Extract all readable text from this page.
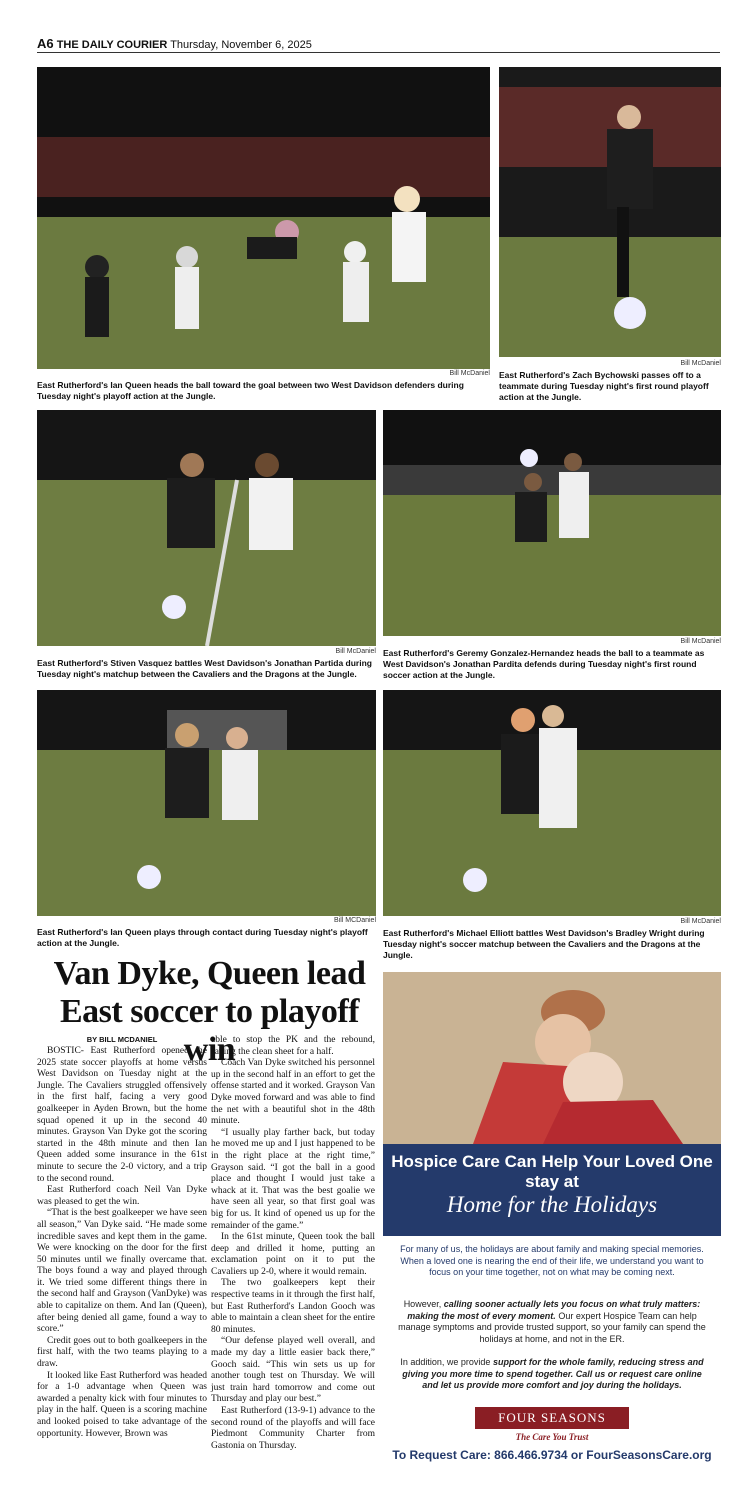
A6 THE DAILY COURIER Thursday, November 6, 2025
Bill McDaniel
East Rutherford's Ian Queen heads the ball toward the goal between two West Davidson defenders during Tuesday night's playoff action at the Jungle.
Bill McDaniel
East Rutherford's Zach Bychowski passes off to a teammate during Tuesday night's first round playoff action at the Jungle.
Bill McDaniel
East Rutherford's Stiven Vasquez battles West Davidson's Jonathan Partida during Tuesday night's matchup between the Cavaliers and the Dragons at the Jungle.
Bill McDaniel
East Rutherford's Geremy Gonzalez-Hernandez heads the ball to a teammate as West Davidson's Jonathan Pardita defends during Tuesday night's first round soccer action at the Jungle.
Bill MCDaniel
East Rutherford's Ian Queen plays through contact during Tuesday night's playoff action at the Jungle.
Bill McDaniel
East Rutherford's Michael Elliott battles West Davidson's Bradley Wright during Tuesday night's soccer matchup between the Cavaliers and the Dragons at the Jungle.
Van Dyke, Queen lead East soccer to playoff win
BY BILL MCDANIEL

BOSTIC- East Rutherford opened the 2025 state soccer playoffs at home versus West Davidson on Tuesday night at the Jungle. The Cavaliers struggled offensively in the first half, facing a very good goalkeeper in Ayden Brown, but the home squad opened it up in the second 40 minutes. Grayson Van Dyke got the scoring started in the 48th minute and then Ian Queen added some insurance in the 61st minute to secure the 2-0 victory, and a trip to the second round.

East Rutherford coach Neil Van Dyke was pleased to get the win.

“That is the best goalkeeper we have seen all season,” Van Dyke said. “He made some incredible saves and kept them in the game. We were knocking on the door for the first 50 minutes until we finally overcame that. The boys found a way and played through it. We tried some different things there in the second half and Grayson (VanDyke) was able to capitalize on them. And Ian (Queen), after being denied all game, found a way to score.”

Credit goes out to both goalkeepers in the first half, with the two teams playing to a draw.

It looked like East Rutherford was headed for a 1-0 advantage when Queen was awarded a penalty kick with four minutes to play in the half. Queen is a scoring machine and looked poised to take advantage of the opportunity. However, Brown was

able to stop the PK and the rebound, saving the clean sheet for a half.

Coach Van Dyke switched his personnel up in the second half in an effort to get the offense started and it worked. Grayson Van Dyke moved forward and was able to find the net with a beautiful shot in the 48th minute.

“I usually play farther back, but today he moved me up and I just happened to be in the right place at the right time,” Grayson said. “I got the ball in a good place and thought I would just take a whack at it. That was the best goalie we have seen all year, so that first goal was big for us. It kind of opened us up for the remainder of the game.”

In the 61st minute, Queen took the ball deep and drilled it home, putting an exclamation point on it to put the Cavaliers up 2-0, where it would remain.

The two goalkeepers kept their respective teams in it through the first half, but East Rutherford's Landon Gooch was able to maintain a clean sheet for the entire 80 minutes.

“Our defense played well overall, and made my day a little easier back there,” Gooch said. “This win sets us up for another tough test on Thursday. We will just train hard tomorrow and come out Thursday and play our best.”

East Rutherford (13-9-1) advance to the second round of the playoffs and will face Piedmont Community Charter from Gastonia on Thursday.

Hospice Care Can Help Your Loved One stay at
Home for the Holidays
For many of us, the holidays are about family and making special memories. When a loved one is nearing the end of their life, we understand you want to focus on your time together, not on what may be coming next.
However, calling sooner actually lets you focus on what truly matters: making the most of every moment. Our expert Hospice Team can help manage symptoms and provide trusted support, so your family can spend the holidays at home, and not in the ER.
In addition, we provide support for the whole family, reducing stress and giving you more time to spend together. Call us or request care online and let us provide more comfort and joy during the holidays.
FOUR SEASONS
The Care You Trust
To Request Care: 866.466.9734 or FourSeasonsCare.org
